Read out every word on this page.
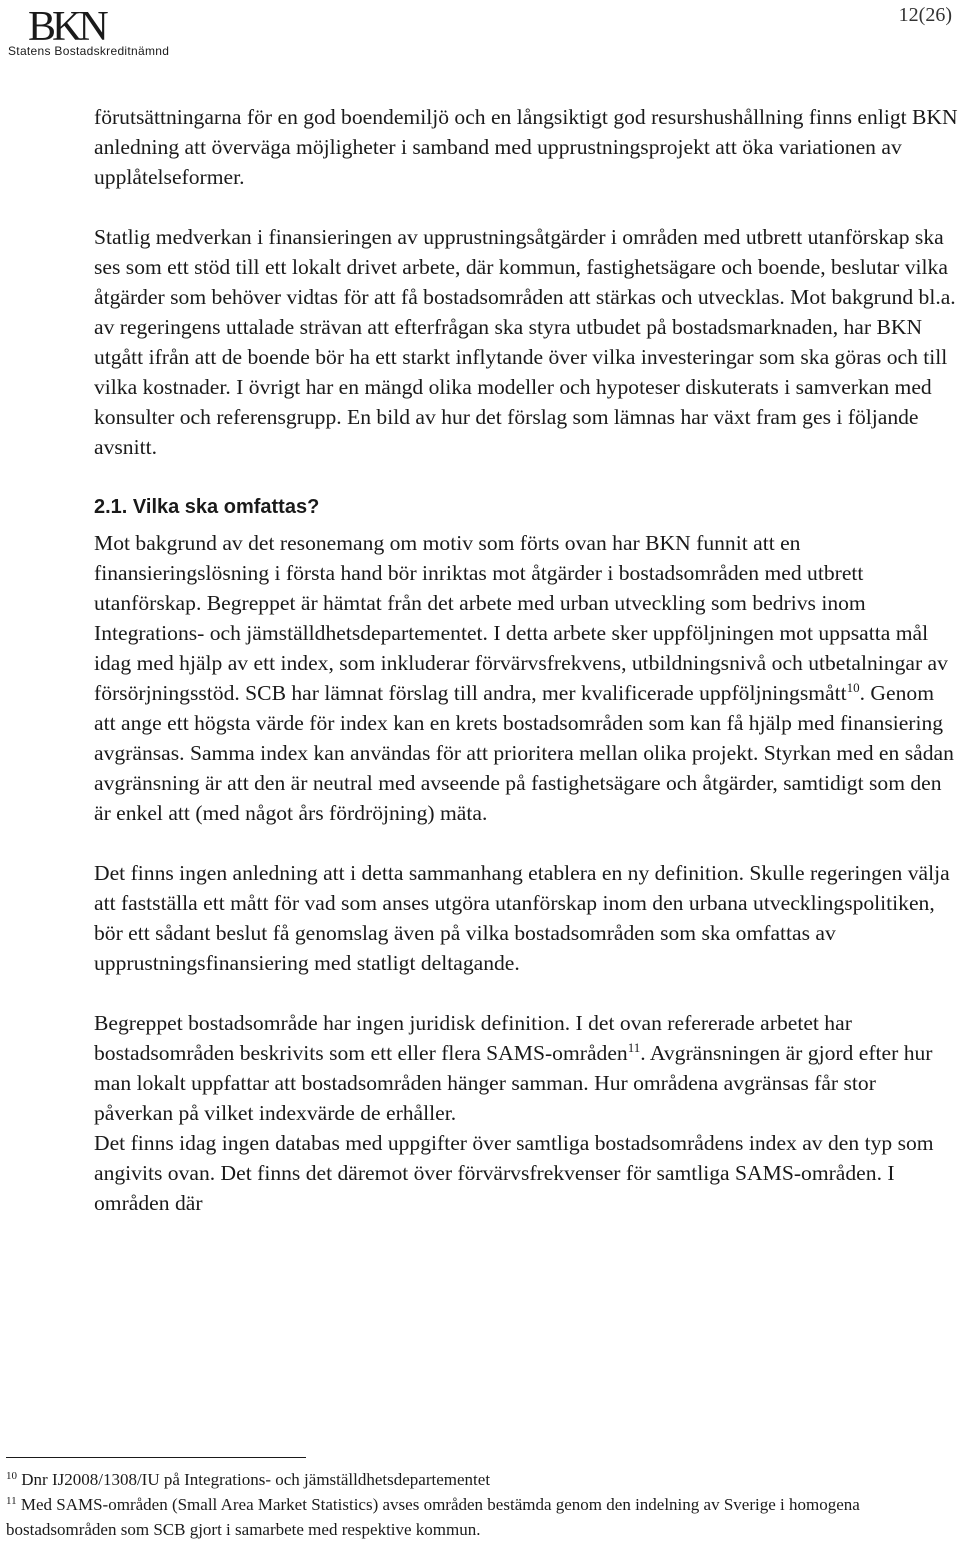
BKN
Statens Bostadskreditnämnd
12(26)

förutsättningarna för en god boendemiljö och en långsiktigt god resurshushållning finns enligt BKN anledning att överväga möjligheter i samband med upprustningsprojekt att öka variationen av upplåtelseformer.

Statlig medverkan i finansieringen av upprustningsåtgärder i områden med utbrett utanförskap ska ses som ett stöd till ett lokalt drivet arbete, där kommun, fastighetsägare och boende, beslutar vilka åtgärder som behöver vidtas för att få bostadsområden att stärkas och utvecklas. Mot bakgrund bl.a. av regeringens uttalade strävan att efterfrågan ska styra utbudet på bostadsmarknaden, har BKN utgått ifrån att de boende bör ha ett starkt inflytande över vilka investeringar som ska göras och till vilka kostnader. I övrigt har en mängd olika modeller och hypoteser diskuterats i samverkan med konsulter och referensgrupp. En bild av hur det förslag som lämnas har växt fram ges i följande avsnitt.

2.1. Vilka ska omfattas?

Mot bakgrund av det resonemang om motiv som förts ovan har BKN funnit att en finansieringslösning i första hand bör inriktas mot åtgärder i bostadsområden med utbrett utanförskap. Begreppet är hämtat från det arbete med urban utveckling som bedrivs inom Integrations- och jämställdhetsdepartementet. I detta arbete sker uppföljningen mot uppsatta mål idag med hjälp av ett index, som inkluderar förvärvsfrekvens, utbildningsnivå och utbetalningar av försörjningsstöd. SCB har lämnat förslag till andra, mer kvalificerade uppföljningsmått$^{10}$. Genom att ange ett högsta värde för index kan en krets bostadsområden som kan få hjälp med finansiering avgränsas. Samma index kan användas för att prioritera mellan olika projekt. Styrkan med en sådan avgränsning är att den är neutral med avseende på fastighetsägare och åtgärder, samtidigt som den är enkel att (med något års fördröjning) mäta.

Det finns ingen anledning att i detta sammanhang etablera en ny definition. Skulle regeringen välja att fastställa ett mått för vad som anses utgöra utanförskap inom den urbana utvecklingspolitiken, bör ett sådant beslut få genomslag även på vilka bostadsområden som ska omfattas av upprustningsfinansiering med statligt deltagande.

Begreppet bostadsområde har ingen juridisk definition. I det ovan refererade arbetet har bostadsområden beskrivits som ett eller flera SAMS-områden$^{11}$. Avgränsningen är gjord efter hur man lokalt uppfattar att bostadsområden hänger samman. Hur områdena avgränsas får stor påverkan på vilket indexvärde de erhåller.

Det finns idag ingen databas med uppgifter över samtliga bostadsområdens index av den typ som angivits ovan. Det finns det däremot över förvärvsfrekvenser för samtliga SAMS-områden. I områden där

$^{10}$ Dnr IJ2008/1308/IU på Integrations- och jämställdhetsdepartementet

$^{11}$ Med SAMS-områden (Small Area Market Statistics) avses områden bestämda genom den indelning av Sverige i homogena bostadsområden som SCB gjort i samarbete med respektive kommun.
